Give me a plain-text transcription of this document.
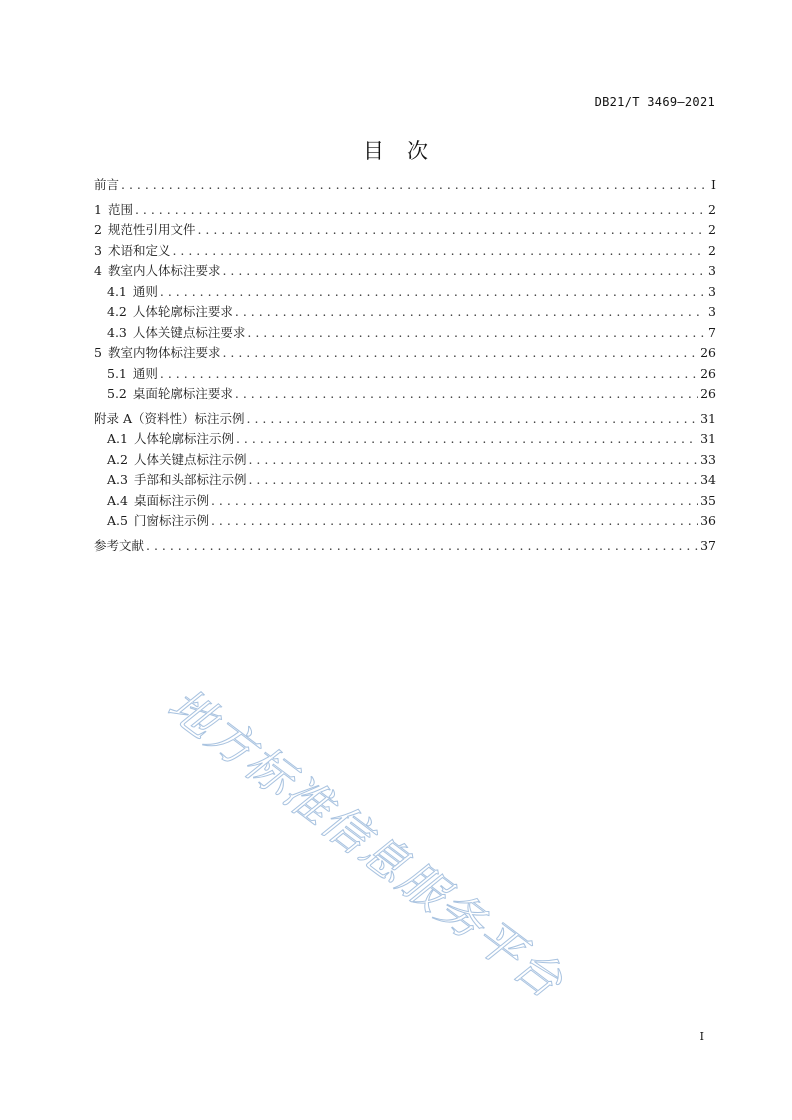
DB21/T 3469—2021
目　次
前言 . . .	I
1 范围 . . .	2
2 规范性引用文件 . . .	2
3 术语和定义 . . .	2
4 教室内人体标注要求 . . .	3
4.1 通则 . . .	3
4.2 人体轮廓标注要求 . . .	3
4.3 人体关键点标注要求 . . .	7
5 教室内物体标注要求 . . .	26
5.1 通则 . . .	26
5.2 桌面轮廓标注要求 . . .	26
附录 A（资料性）标注示例 . . .	31
A.1 人体轮廓标注示例 . . .	31
A.2 人体关键点标注示例 . . .	33
A.3 手部和头部标注示例 . . .	34
A.4 桌面标注示例 . . .	35
A.5 门窗标注示例 . . .	36
参考文献 . . .	37
地方标准信息服务平台
I
